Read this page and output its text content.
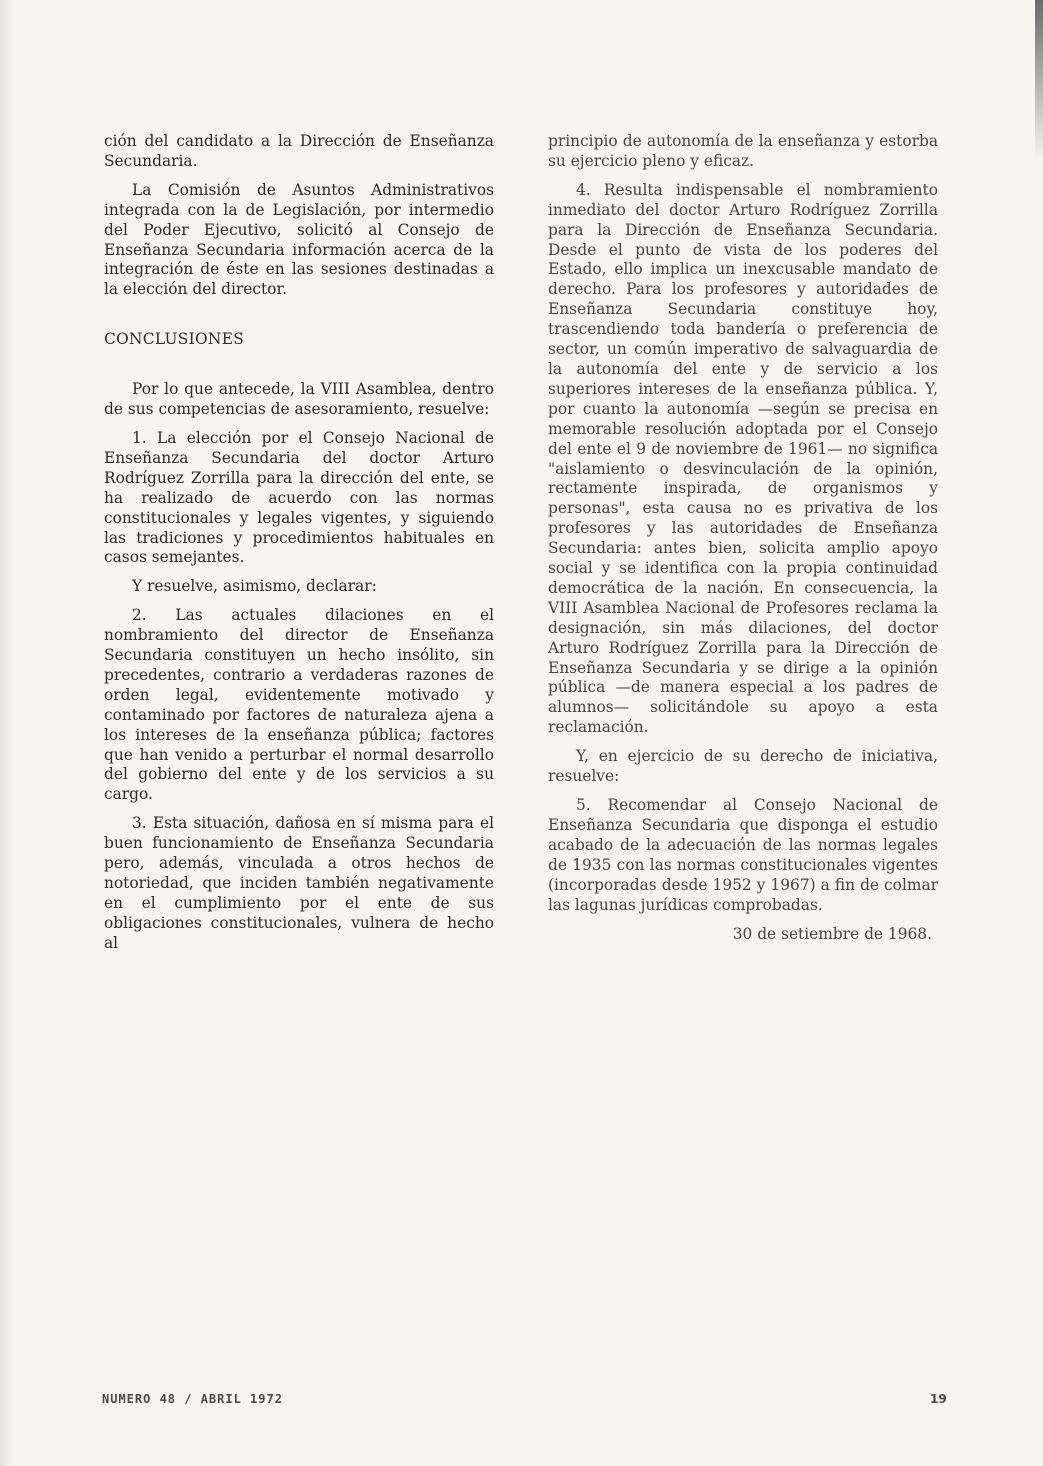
ción del candidato a la Dirección de Enseñanza Secundaria.

La Comisión de Asuntos Administrativos integrada con la de Legislación, por intermedio del Poder Ejecutivo, solicitó al Consejo de Enseñanza Secundaria información acerca de la integración de éste en las sesiones destinadas a la elección del director.

CONCLUSIONES

Por lo que antecede, la VIII Asamblea, dentro de sus competencias de asesoramiento, resuelve:

1. La elección por el Consejo Nacional de Enseñanza Secundaria del doctor Arturo Rodríguez Zorrilla para la dirección del ente, se ha realizado de acuerdo con las normas constitucionales y legales vigentes, y siguiendo las tradiciones y procedimientos habituales en casos semejantes.

Y resuelve, asimismo, declarar:

2. Las actuales dilaciones en el nombramiento del director de Enseñanza Secundaria constituyen un hecho insólito, sin precedentes, contrario a verdaderas razones de orden legal, evidentemente motivado y contaminado por factores de naturaleza ajena a los intereses de la enseñanza pública; factores que han venido a perturbar el normal desarrollo del gobierno del ente y de los servicios a su cargo.

3. Esta situación, dañosa en sí misma para el buen funcionamiento de Enseñanza Secundaria pero, además, vinculada a otros hechos de notoriedad, que inciden también negativamente en el cumplimiento por el ente de sus obligaciones constitucionales, vulnera de hecho al

principio de autonomía de la enseñanza y estorba su ejercicio pleno y eficaz.

4. Resulta indispensable el nombramiento inmediato del doctor Arturo Rodríguez Zorrilla para la Dirección de Enseñanza Secundaria. Desde el punto de vista de los poderes del Estado, ello implica un inexcusable mandato de derecho. Para los profesores y autoridades de Enseñanza Secundaria constituye hoy, trascendiendo toda bandería o preferencia de sector, un común imperativo de salvaguardia de la autonomía del ente y de servicio a los superiores intereses de la enseñanza pública. Y, por cuanto la autonomía —según se precisa en memorable resolución adoptada por el Consejo del ente el 9 de noviembre de 1961— no significa "aislamiento o desvinculación de la opinión, rectamente inspirada, de organismos y personas", esta causa no es privativa de los profesores y las autoridades de Enseñanza Secundaria: antes bien, solicita amplio apoyo social y se identifica con la propia continuidad democrática de la nación. En consecuencia, la VIII Asamblea Nacional de Profesores reclama la designación, sin más dilaciones, del doctor Arturo Rodríguez Zorrilla para la Dirección de Enseñanza Secundaria y se dirige a la opinión pública —de manera especial a los padres de alumnos— solicitándole su apoyo a esta reclamación.

Y, en ejercicio de su derecho de iniciativa, resuelve:

5. Recomendar al Consejo Nacional de Enseñanza Secundaria que disponga el estudio acabado de la adecuación de las normas legales de 1935 con las normas constitucionales vigentes (incorporadas desde 1952 y 1967) a fin de colmar las lagunas jurídicas comprobadas.

30 de setiembre de 1968.
NUMERO 48 / ABRIL 1972	19
